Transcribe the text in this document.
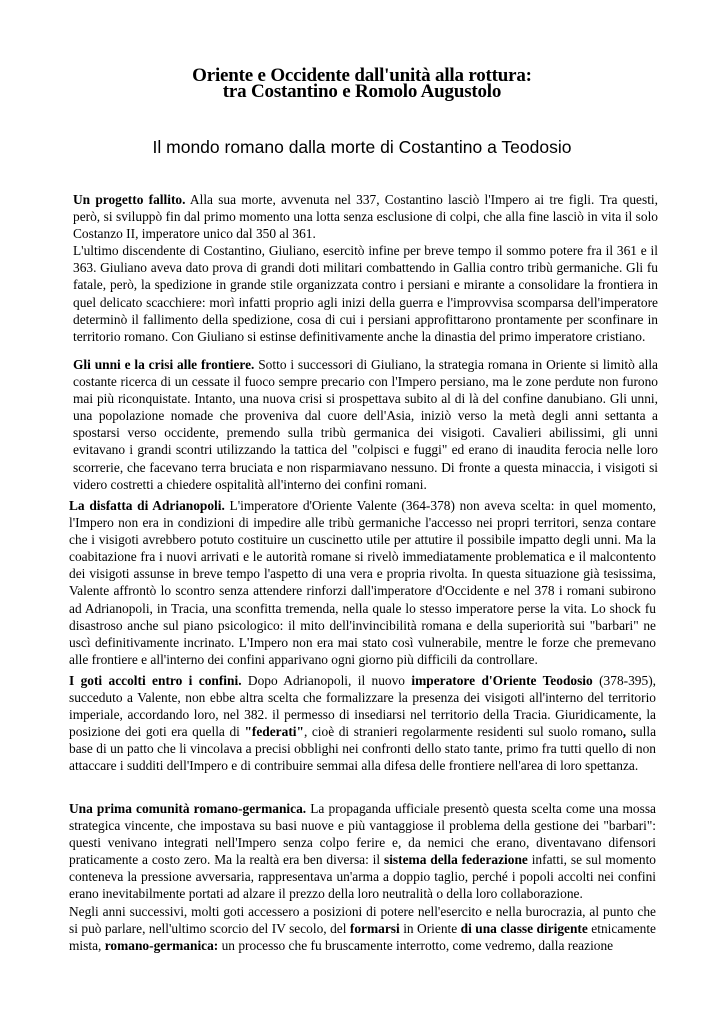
Oriente e Occidente dall'unità alla rottura:
tra Costantino e Romolo Augustolo
Il mondo romano dalla morte di Costantino a Teodosio

Un progetto fallito. Alla sua morte, avvenuta nel 337, Costantino lasciò l'Impero ai tre figli. Tra questi, però, si sviluppò fin dal primo momento una lotta senza esclusione di colpi, che alla fine lasciò in vita il solo Costanzo II, imperatore unico dal 350 al 361.
L'ultimo discendente di Costantino, Giuliano, esercitò infine per breve tempo il sommo potere fra il 361 e il 363. Giuliano aveva dato prova di grandi doti militari combattendo in Gallia contro tribù germaniche. Gli fu fatale, però, la spedizione in grande stile organizzata contro i persiani e mirante a consolidare la frontiera in quel delicato scacchiere: morì infatti proprio agli inizi della guerra e l'improvvisa scomparsa dell'imperatore determinò il fallimento della spedizione, cosa di cui i persiani approfittarono prontamente per sconfinare in territorio romano. Con Giuliano si estinse definitivamente anche la dinastia del primo imperatore cristiano.

Gli unni e la crisi alle frontiere. Sotto i successori di Giuliano, la strategia romana in Oriente si limitò alla costante ricerca di un cessate il fuoco sempre precario con l'Impero persiano, ma le zone perdute non furono mai più riconquistate. Intanto, una nuova crisi si prospettava subito al di là del confine danubiano. Gli unni, una popolazione nomade che proveniva dal cuore dell'Asia, iniziò verso la metà degli anni settanta a spostarsi verso occidente, premendo sulla tribù germanica dei visigoti. Cavalieri abilissimi, gli unni evitavano i grandi scontri utilizzando la tattica del "colpisci e fuggi" ed erano di inaudita ferocia nelle loro scorrerie, che facevano terra bruciata e non risparmiavano nessuno. Di fronte a questa minaccia, i visigoti si videro costretti a chiedere ospitalità all'interno dei confini romani.

La disfatta di Adrianopoli. L'imperatore d'Oriente Valente (364-378) non aveva scelta: in quel momento, l'Impero non era in condizioni di impedire alle tribù germaniche l'accesso nei propri territori, senza contare che i visigoti avrebbero potuto costituire un cuscinetto utile per attutire il possibile impatto degli unni. Ma la coabitazione fra i nuovi arrivati e le autorità romane si rivelò immediatamente problematica e il malcontento dei visigoti assunse in breve tempo l'aspetto di una vera e propria rivolta. In questa situazione già tesissima, Valente affrontò lo scontro senza attendere rinforzi dall'imperatore d'Occidente e nel 378 i romani subirono ad Adrianopoli, in Tracia, una sconfitta tremenda, nella quale lo stesso imperatore perse la vita. Lo shock fu disastroso anche sul piano psicologico: il mito dell'invincibilità romana e della superiorità sui "barbari" ne uscì definitivamente incrinato. L'Impero non era mai stato così vulnerabile, mentre le forze che premevano alle frontiere e all'interno dei confini apparivano ogni giorno più difficili da controllare.

I goti accolti entro i confini. Dopo Adrianopoli, il nuovo imperatore d'Oriente Teodosio (378-395), succeduto a Valente, non ebbe altra scelta che formalizzare la presenza dei visigoti all'interno del territorio imperiale, accordando loro, nel 382. il permesso di insediarsi nel territorio della Tracia. Giuridicamente, la posizione dei goti era quella di "federati", cioè di stranieri regolarmente residenti sul suolo romano, sulla base di un patto che li vincolava a precisi obblighi nei confronti dello stato tante, primo fra tutti quello di non attaccare i sudditi dell'Impero e di contribuire semmai alla difesa delle frontiere nell'area di loro spettanza.

Una prima comunità romano-germanica. La propaganda ufficiale presentò questa scelta come una mossa strategica vincente, che impostava su basi nuove e più vantaggiose il problema della gestione dei "barbari": questi venivano integrati nell'Impero senza colpo ferire e, da nemici che erano, diventavano difensori praticamente a costo zero. Ma la realtà era ben diversa: il sistema della federazione infatti, se sul momento conteneva la pressione avversaria, rappresentava un'arma a doppio taglio, perché i popoli accolti nei confini erano inevitabilmente portati ad alzare il prezzo della loro neutralità o della loro collaborazione.
Negli anni successivi, molti goti accessero a posizioni di potere nell'esercito e nella burocrazia, al punto che si può parlare, nell'ultimo scorcio del IV secolo, del formarsi in Oriente di una classe dirigente etnicamente mista, romano-germanica: un processo che fu bruscamente interrotto, come vedremo, dalla reazione
